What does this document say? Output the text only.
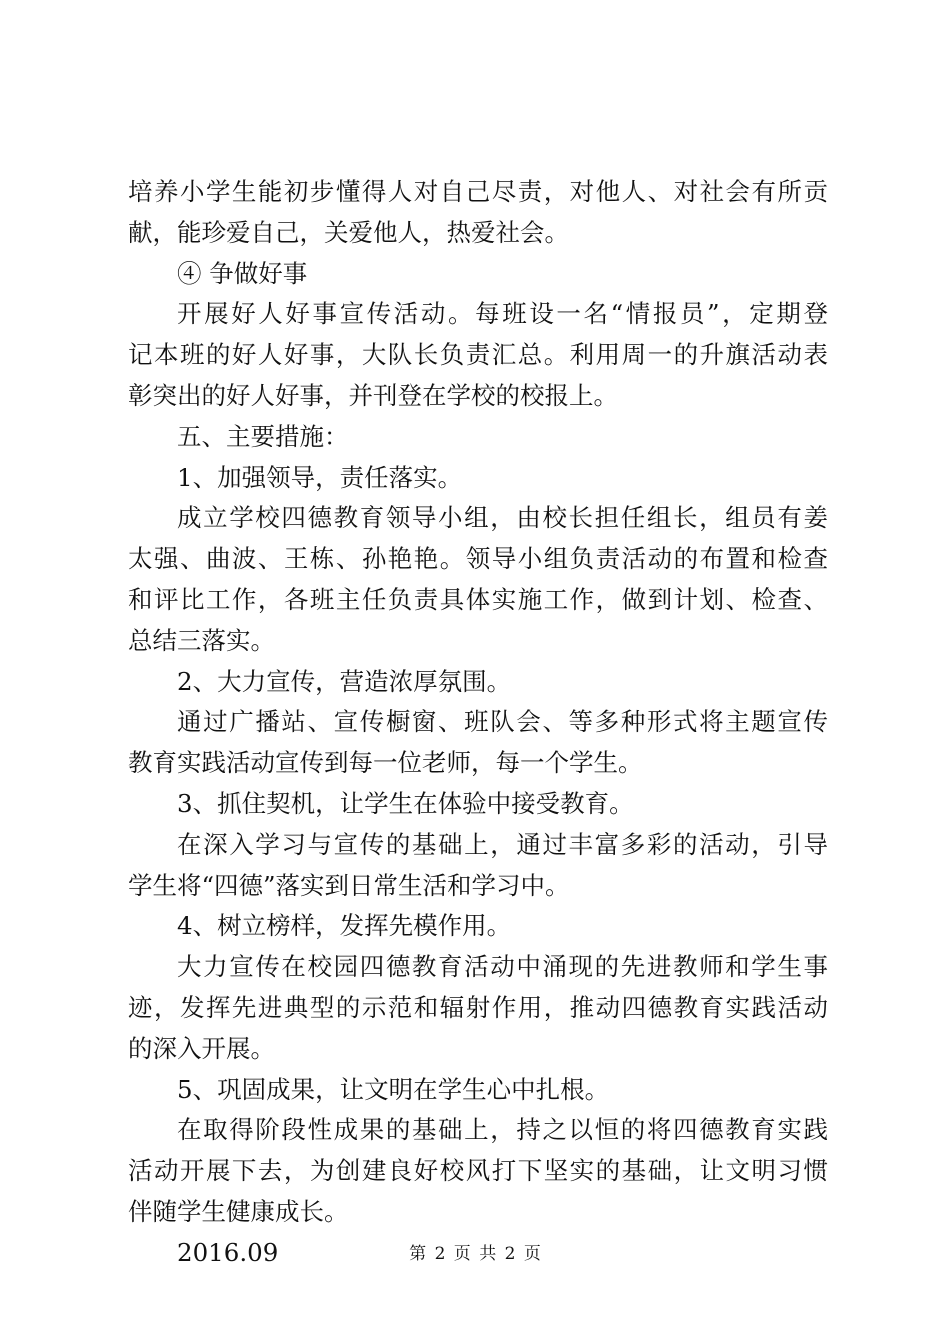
培养小学生能初步懂得人对自己尽责，对他人、对社会有所贡
献，能珍爱自己，关爱他人，热爱社会。
④ 争做好事
开展好人好事宣传活动。每班设一名“情报员”，定期登
记本班的好人好事，大队长负责汇总。利用周一的升旗活动表
彰突出的好人好事，并刊登在学校的校报上。
五、主要措施：
1、加强领导，责任落实。
成立学校四德教育领导小组，由校长担任组长，组员有姜
太强、曲波、王栋、孙艳艳。领导小组负责活动的布置和检查
和评比工作，各班主任负责具体实施工作，做到计划、检查、
总结三落实。
2、大力宣传，营造浓厚氛围。
通过广播站、宣传橱窗、班队会、等多种形式将主题宣传
教育实践活动宣传到每一位老师，每一个学生。
3、抓住契机，让学生在体验中接受教育。
在深入学习与宣传的基础上，通过丰富多彩的活动，引导
学生将“四德”落实到日常生活和学习中。
4、树立榜样，发挥先模作用。
大力宣传在校园四德教育活动中涌现的先进教师和学生事
迹，发挥先进典型的示范和辐射作用，推动四德教育实践活动
的深入开展。
5、巩固成果，让文明在学生心中扎根。
在取得阶段性成果的基础上，持之以恒的将四德教育实践
活动开展下去，为创建良好校风打下坚实的基础，让文明习惯
伴随学生健康成长。
2016.09	第 2 页 共 2 页
